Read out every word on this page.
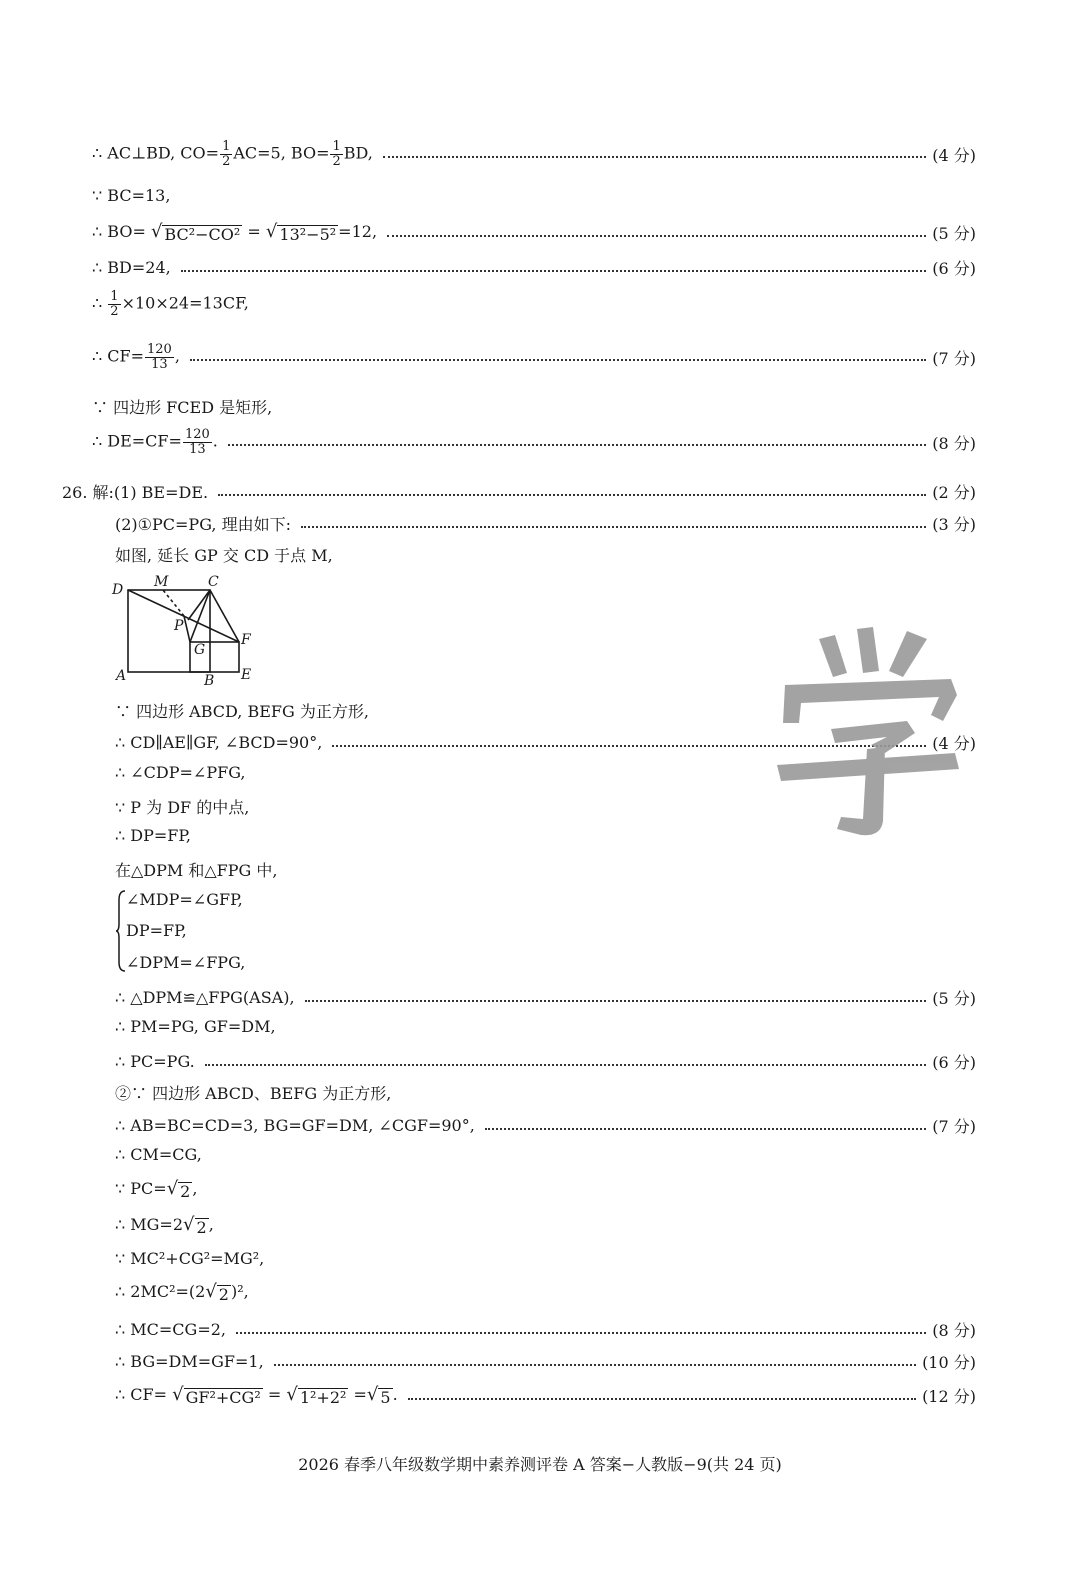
∴ AC⊥BD, $CO= \frac{1}{2} AC=5$, $BO= \frac{1}{2}$ BD,	(4 分)
∵ BC=13,
∴ BO= √ BC²−CO² = √ 13²−5² =12,	(5 分)
∴ BD=24,	(6 分)
∴ $\frac{1}{2} \times 10\times 24=13CF$,
∴ $CF= \frac{120}{13}$ ,	(7 分)
∵ 四边形 FCED 是矩形,
∴ $DE=CF= \frac{120}{13}$ .	(8 分)
26. 解:(1) BE=DE.	(2 分)
(2)①PC=PG, 理由如下:	(3 分)
如图, 延长 GP 交 CD 于点 M,
D M	C
P
G
F
A	B E
∵ 四边形 ABCD, BEFG 为正方形,
∴ CD∥AE∥GF, ∠BCD=90°,	(4 分)
∴ ∠CDP=∠PFG,
∵ P 为 DF 的中点,
∴ DP=FP,
在△DPM 和△FPG 中,
∠MDP=∠GFP,
DP=FP,
∠DPM=∠FPG,
∴ △DPM≌△FPG(ASA),	(5 分)
∴ PM=PG, GF=DM,
∴ PC=PG.	(6 分)
②∵ 四边形 ABCD、BEFG 为正方形,
∴ AB=BC=CD=3, BG=GF=DM, ∠CGF=90°,	(7 分)
∴ CM=CG,
∵ PC= √ 2 ,
∴ MG=2 √ 2 ,
∵ MC²+CG²=MG²,
∴ 2MC²=(2 √ 2 )²,
∴ MC=CG=2,	(8 分)
∴ BG=DM=GF=1,	(10 分)
∴ CF= √ GF²+CG² = √ 1²+2² = √ 5 .	(12 分)
2026 春季八年级数学期中素养测评卷 A 答案−人教版−9(共 24 页)
